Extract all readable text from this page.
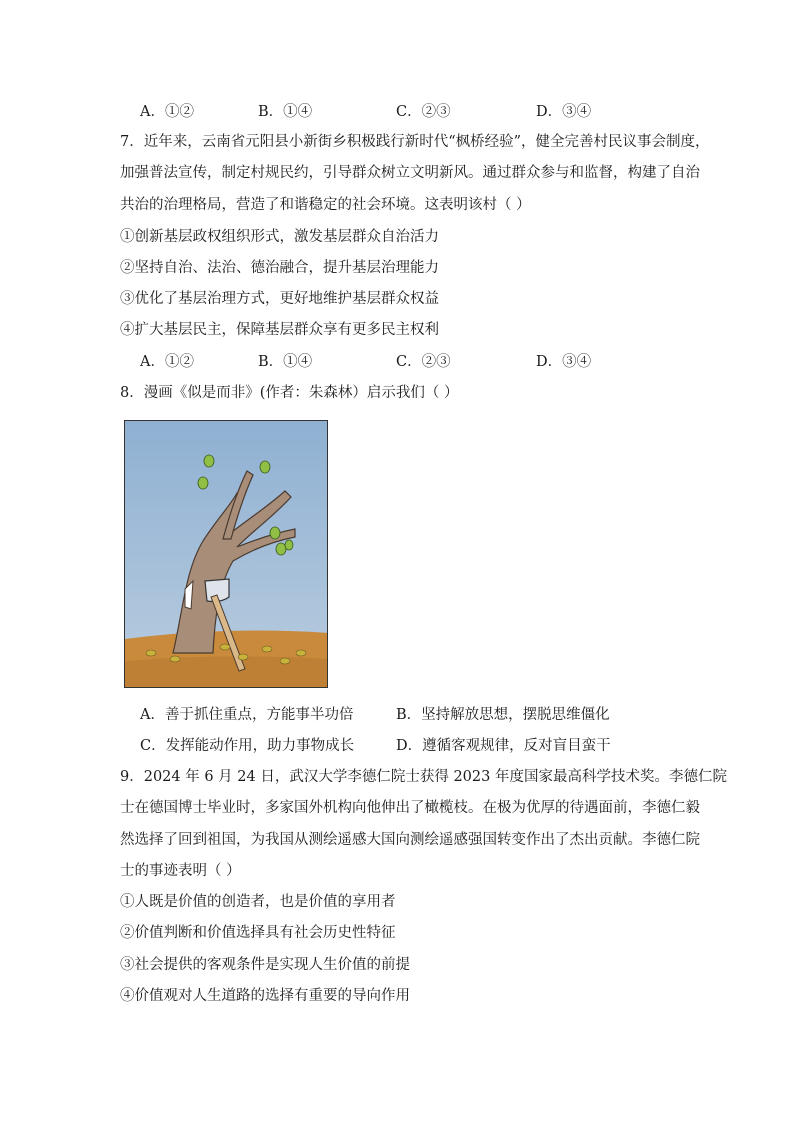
A．①②	B．①④	C．②③	D．③④
7．近年来，云南省元阳县小新街乡积极践行新时代“枫桥经验”，健全完善村民议事会制度，
加强普法宣传，制定村规民约，引导群众树立文明新风。通过群众参与和监督，构建了自治
共治的治理格局，营造了和谐稳定的社会环境。这表明该村（ ）
①创新基层政权组织形式，激发基层群众自治活力
②坚持自治、法治、德治融合，提升基层治理能力
③优化了基层治理方式，更好地维护基层群众权益
④扩大基层民主，保障基层群众享有更多民主权利
A．①②	B．①④	C．②③	D．③④
8．漫画《似是而非》(作者：朱森林）启示我们（ ）
A．善于抓住重点，方能事半功倍	B．坚持解放思想，摆脱思维僵化
C．发挥能动作用，助力事物成长	D．遵循客观规律，反对盲目蛮干
9．2024 年 6 月 24 日，武汉大学李德仁院士获得 2023 年度国家最高科学技术奖。李德仁院
士在德国博士毕业时，多家国外机构向他伸出了橄榄枝。在极为优厚的待遇面前，李德仁毅
然选择了回到祖国，为我国从测绘遥感大国向测绘遥感强国转变作出了杰出贡献。李德仁院
士的事迹表明（ ）
①人既是价值的创造者，也是价值的享用者
②价值判断和价值选择具有社会历史性特征
③社会提供的客观条件是实现人生价值的前提
④价值观对人生道路的选择有重要的导向作用
